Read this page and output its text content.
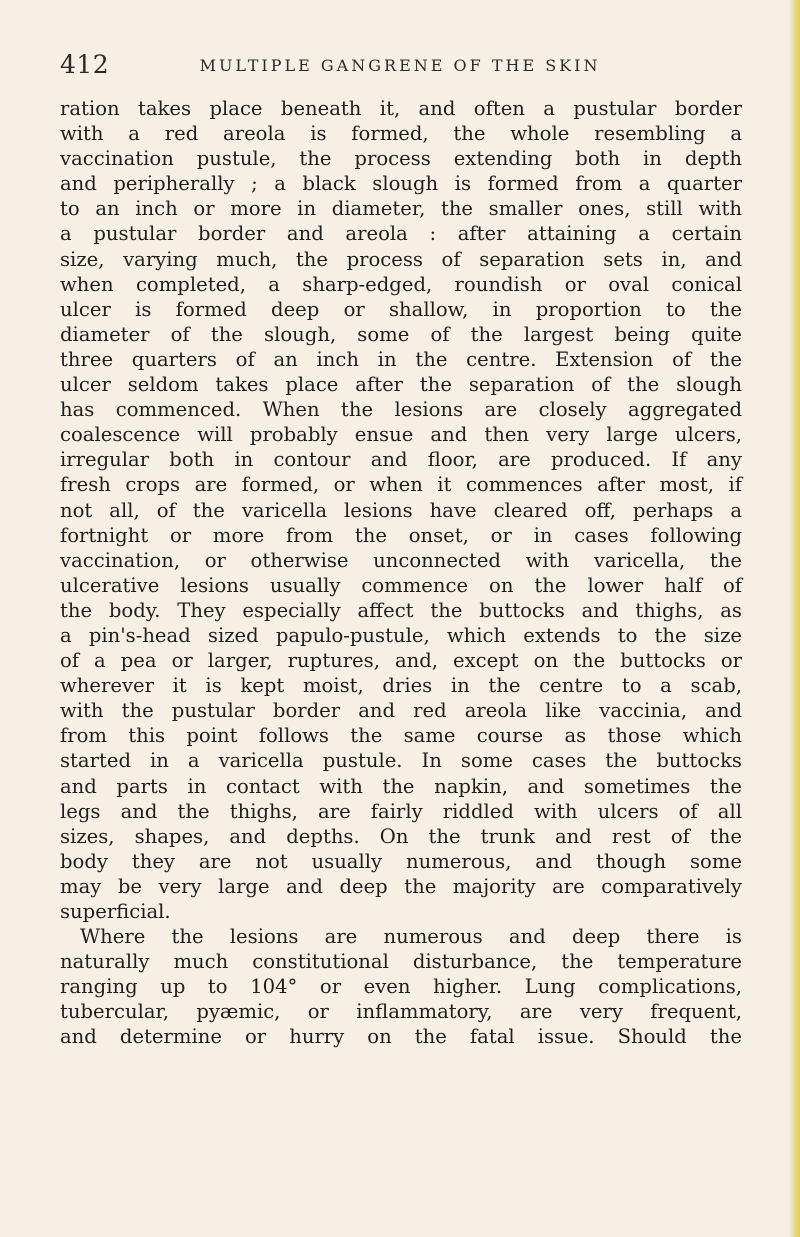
412	MULTIPLE GANGRENE OF THE SKIN
ration takes place beneath it, and often a pustular border
with a red areola is formed, the whole resembling a
vaccination pustule, the process extending both in depth
and peripherally ; a black slough is formed from a quarter
to an inch or more in diameter, the smaller ones, still with
a pustular border and areola : after attaining a certain
size, varying much, the process of separation sets in, and
when completed, a sharp-edged, roundish or oval conical
ulcer is formed deep or shallow, in proportion to the
diameter of the slough, some of the largest being quite
three quarters of an inch in the centre. Extension of the
ulcer seldom takes place after the separation of the slough
has commenced. When the lesions are closely aggregated
coalescence will probably ensue and then very large ulcers,
irregular both in contour and floor, are produced. If any
fresh crops are formed, or when it commences after most, if
not all, of the varicella lesions have cleared off, perhaps a
fortnight or more from the onset, or in cases following
vaccination, or otherwise unconnected with varicella, the
ulcerative lesions usually commence on the lower half of
the body. They especially affect the buttocks and thighs, as
a pin's-head sized papulo-pustule, which extends to the size
of a pea or larger, ruptures, and, except on the buttocks or
wherever it is kept moist, dries in the centre to a scab,
with the pustular border and red areola like vaccinia, and
from this point follows the same course as those which
started in a varicella pustule. In some cases the buttocks
and parts in contact with the napkin, and sometimes the
legs and the thighs, are fairly riddled with ulcers of all
sizes, shapes, and depths. On the trunk and rest of the
body they are not usually numerous, and though some
may be very large and deep the majority are comparatively
superficial.
Where the lesions are numerous and deep there is
naturally much constitutional disturbance, the temperature
ranging up to 104° or even higher. Lung complications,
tubercular, pyæmic, or inflammatory, are very frequent,
and determine or hurry on the fatal issue. Should the
